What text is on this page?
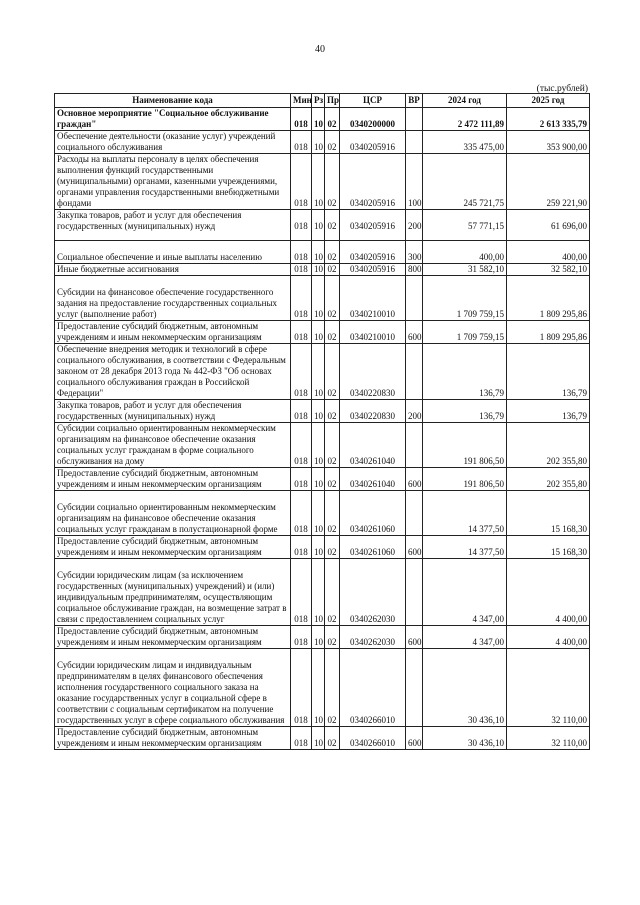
40
(тыс.рублей)
Наименование кода	Мин	Рз	Пр	ЦСР	ВР	2024 год	2025 год
Основное мероприятие "Социальное обслуживание граждан"	018	10	02	0340200000		2 472 111,89	2 613 335,79
Обеспечение деятельности (оказание услуг) учреждений социального обслуживания	018	10	02	0340205916		335 475,00	353 900,00
Расходы на выплаты персоналу в целях обеспечения выполнения функций государственными (муниципальными) органами, казенными учреждениями, органами управления государственными внебюджетными фондами	018	10	02	0340205916	100	245 721,75	259 221,90
Закупка товаров, работ и услуг для обеспечения государственных (муниципальных) нужд	018	10	02	0340205916	200	57 771,15	61 696,00
Социальное обеспечение и иные выплаты населению	018	10	02	0340205916	300	400,00	400,00
Иные бюджетные ассигнования	018	10	02	0340205916	800	31 582,10	32 582,10
Субсидии на финансовое обеспечение государственного задания на предоставление государственных социальных услуг (выполнение работ)	018	10	02	0340210010		1 709 759,15	1 809 295,86
Предоставление субсидий бюджетным, автономным учреждениям и иным некоммерческим организациям	018	10	02	0340210010	600	1 709 759,15	1 809 295,86
Обеспечение внедрения методик и технологий в сфере социального обслуживания, в соответствии с Федеральным законом от 28 декабря 2013 года № 442-ФЗ "Об основах социального обслуживания граждан в Российской Федерации"	018	10	02	0340220830		136,79	136,79
Закупка товаров, работ и услуг для обеспечения государственных (муниципальных) нужд	018	10	02	0340220830	200	136,79	136,79
Субсидии социально ориентированным некоммерческим организациям на финансовое обеспечение оказания социальных услуг гражданам в форме социального обслуживания на дому	018	10	02	0340261040		191 806,50	202 355,80
Предоставление субсидий бюджетным, автономным учреждениям и иным некоммерческим организациям	018	10	02	0340261040	600	191 806,50	202 355,80
Субсидии социально ориентированным некоммерческим организациям на финансовое обеспечение оказания социальных услуг гражданам в полустационарной форме	018	10	02	0340261060		14 377,50	15 168,30
Предоставление субсидий бюджетным, автономным учреждениям и иным некоммерческим организациям	018	10	02	0340261060	600	14 377,50	15 168,30
Субсидии юридическим лицам (за исключением государственных (муниципальных) учреждений) и (или) индивидуальным предпринимателям, осуществляющим социальное обслуживание граждан, на возмещение затрат в связи с предоставлением социальных услуг	018	10	02	0340262030		4 347,00	4 400,00
Предоставление субсидий бюджетным, автономным учреждениям и иным некоммерческим организациям	018	10	02	0340262030	600	4 347,00	4 400,00
Субсидии юридическим лицам и индивидуальным предпринимателям в целях финансового обеспечения исполнения государственного социального заказа на оказание государственных услуг в социальной сфере в соответствии с социальным сертификатом на получение государственных услуг в сфере социального обслуживания	018	10	02	0340266010		30 436,10	32 110,00
Предоставление субсидий бюджетным, автономным учреждениям и иным некоммерческим организациям	018	10	02	0340266010	600	30 436,10	32 110,00
